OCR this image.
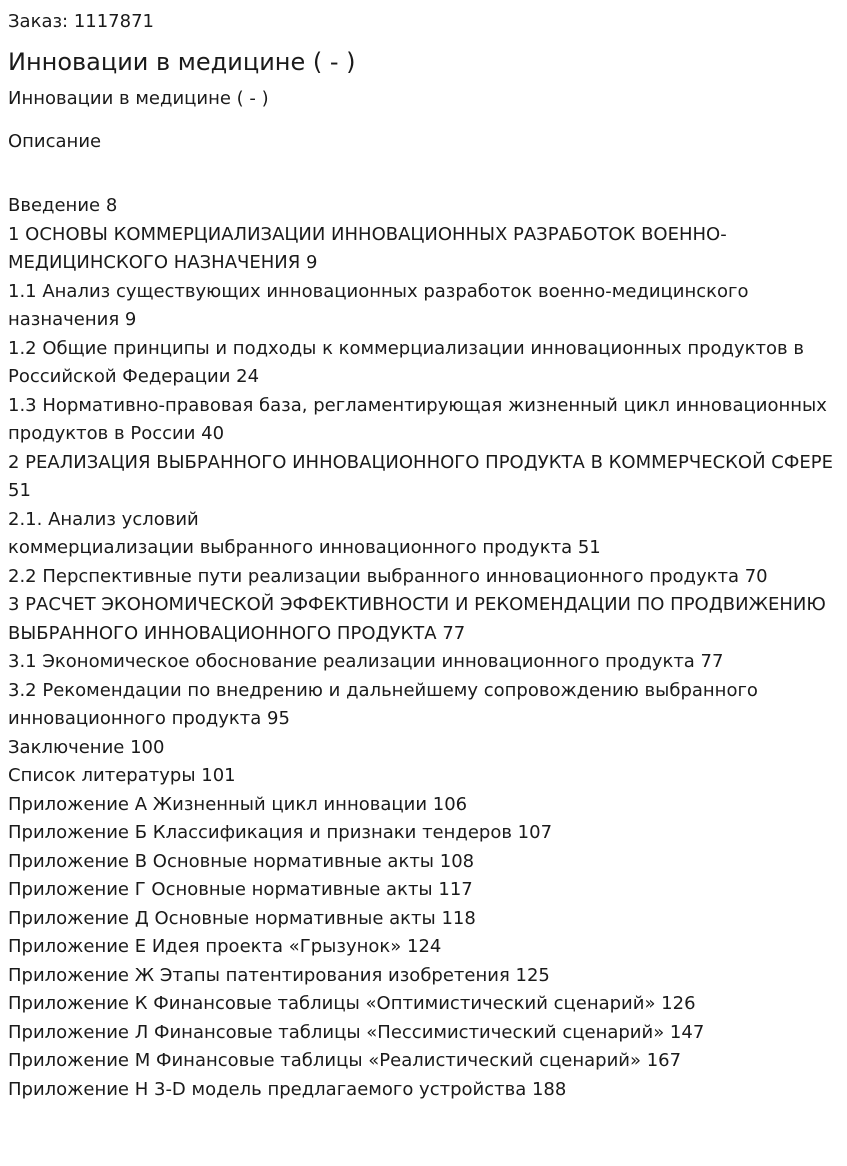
Заказ: 1117871

Инновации в медицине ( - )

Инновации в медицине ( - )

Описание

Введение 8
1 ОСНОВЫ КОММЕРЦИАЛИЗАЦИИ ИННОВАЦИОННЫХ РАЗРАБОТОК ВОЕННО-МЕДИЦИНСКОГО НАЗНАЧЕНИЯ 9
1.1 Анализ существующих инновационных разработок военно-медицинского назначения 9
1.2 Общие принципы и подходы к коммерциализации инновационных продуктов в Российской Федерации 24
1.3 Нормативно-правовая база, регламентирующая жизненный цикл инновационных продуктов в России 40
2 РЕАЛИЗАЦИЯ ВЫБРАННОГО ИННОВАЦИОННОГО ПРОДУКТА В КОММЕРЧЕСКОЙ СФЕРЕ 51
2.1. Анализ условий
коммерциализации выбранного инновационного продукта 51
2.2 Перспективные пути реализации выбранного инновационного продукта 70
3 РАСЧЕТ ЭКОНОМИЧЕСКОЙ ЭФФЕКТИВНОСТИ И РЕКОМЕНДАЦИИ ПО ПРОДВИЖЕНИЮ ВЫБРАННОГО ИННОВАЦИОННОГО ПРОДУКТА 77
3.1 Экономическое обоснование реализации инновационного продукта 77
3.2 Рекомендации по внедрению и дальнейшему сопровождению выбранного инновационного продукта 95
Заключение 100
Список литературы 101
Приложение А Жизненный цикл инновации 106
Приложение Б Классификация и признаки тендеров 107
Приложение В Основные нормативные акты 108
Приложение Г Основные нормативные акты 117
Приложение Д Основные нормативные акты 118
Приложение Е Идея проекта «Грызунок» 124
Приложение Ж Этапы патентирования изобретения 125
Приложение К Финансовые таблицы «Оптимистический сценарий» 126
Приложение Л Финансовые таблицы «Пессимистический сценарий» 147
Приложение М Финансовые таблицы «Реалистический сценарий» 167
Приложение Н 3-D модель предлагаемого устройства 188
